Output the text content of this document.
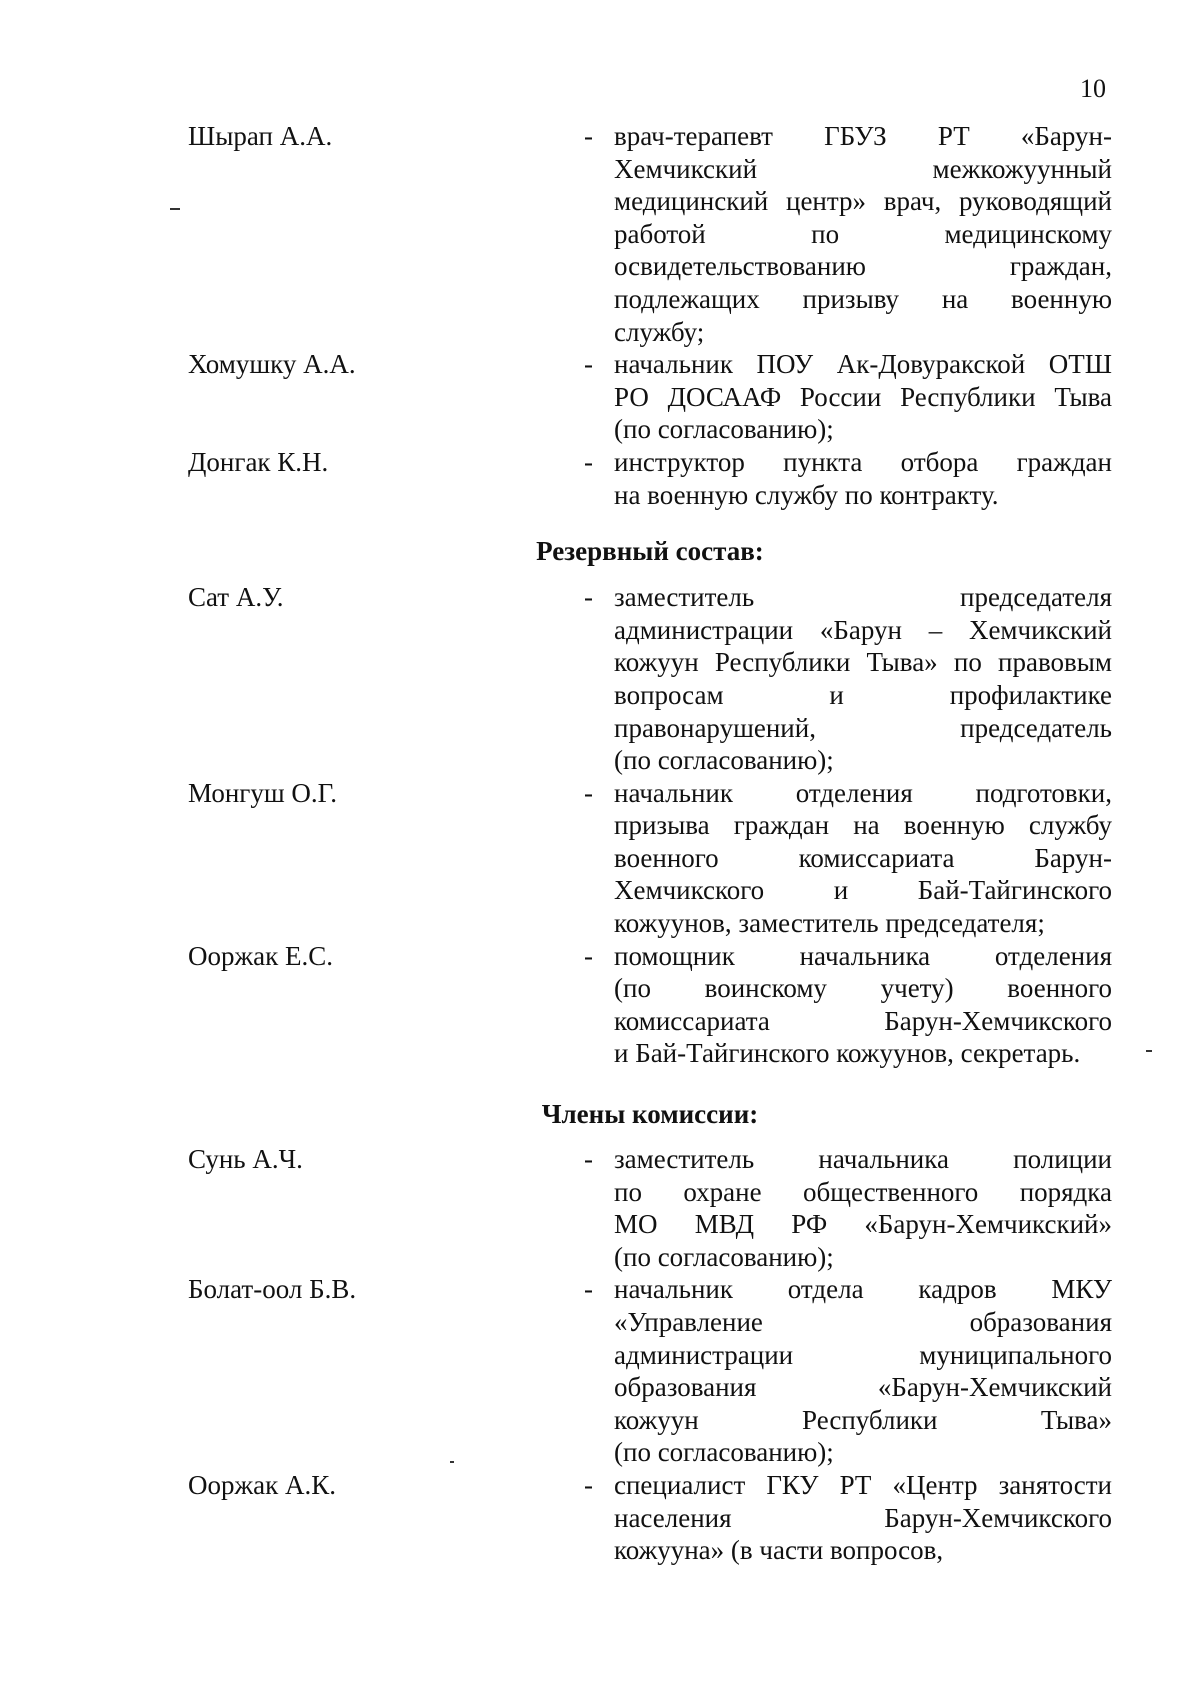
10
Шырап А.А.	- врач-терапевт ГБУЗ РТ «Барун-
Хемчикский межкожуунный
медицинский центр» врач, руководящий
работой по медицинскому
освидетельствованию граждан,
подлежащих призыву на военную
службу;
Хомушку А.А.	- начальник ПОУ Ак-Довуракской ОТШ
РО ДОСААФ России Республики Тыва
(по согласованию);
Донгак К.Н.	- инструктор пункта отбора граждан
на военную службу по контракту.
Резервный состав:
Сат А.У.	- заместитель председателя
администрации «Барун – Хемчикский
кожуун Республики Тыва» по правовым
вопросам и профилактике
правонарушений, председатель
(по согласованию);
Монгуш О.Г.	- начальник отделения подготовки,
призыва граждан на военную службу
военного комиссариата Барун-
Хемчикского и Бай-Тайгинского
кожуунов, заместитель председателя;
Ооржак Е.С.	- помощник начальника отделения
(по воинскому учету) военного
комиссариата Барун-Хемчикского
и Бай-Тайгинского кожуунов, секретарь.
Члены комиссии:
Сунь А.Ч.	- заместитель начальника полиции
по охране общественного порядка
МО МВД РФ «Барун-Хемчикский»
(по согласованию);
Болат-оол Б.В.	- начальник отдела кадров МКУ
«Управление образования
администрации муниципального
образования «Барун-Хемчикский
кожуун Республики Тыва»
(по согласованию);
Ооржак А.К.	- специалист ГКУ РТ «Центр занятости
населения Барун-Хемчикского
кожууна» (в части вопросов,
